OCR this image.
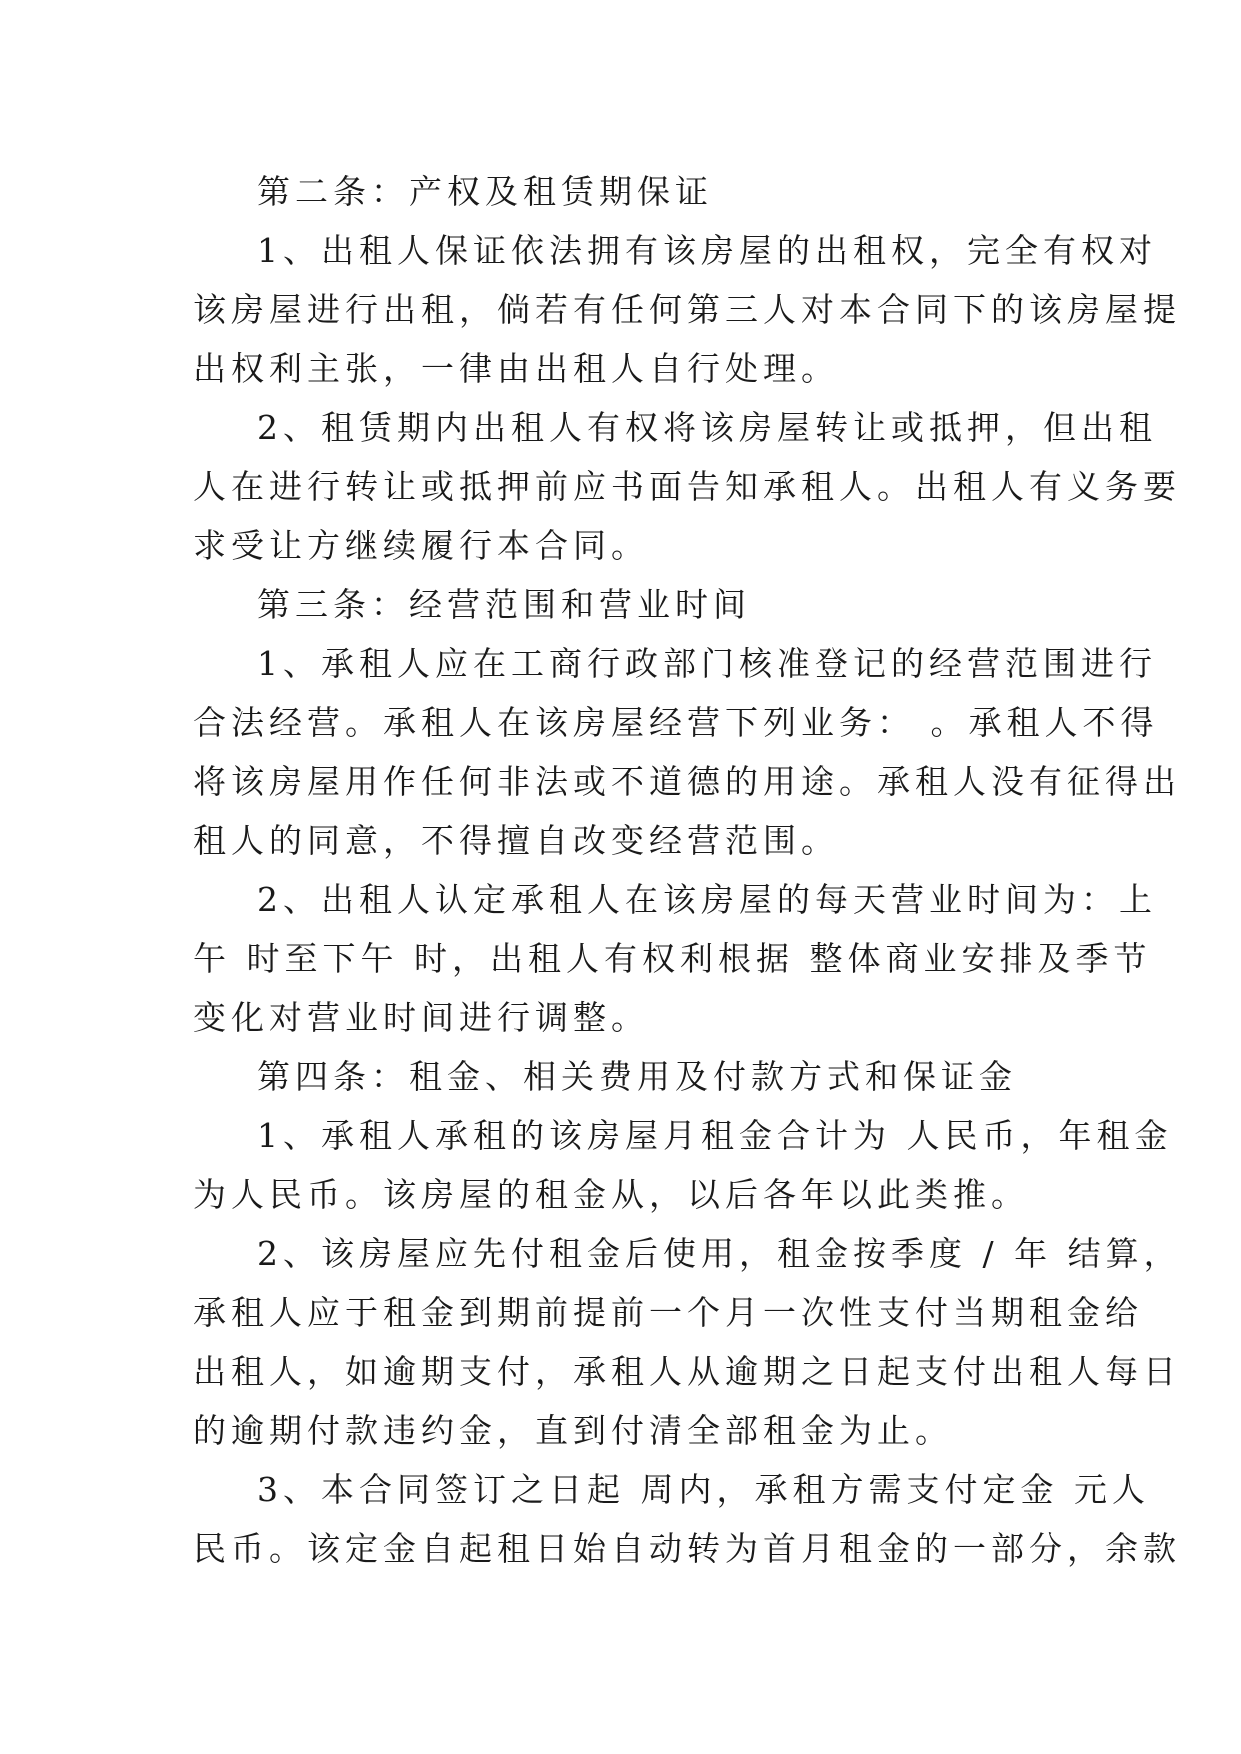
第二条：产权及租赁期保证
1、出租人保证依法拥有该房屋的出租权，完全有权对
该房屋进行出租，倘若有任何第三人对本合同下的该房屋提
出权利主张，一律由出租人自行处理。
2、租赁期内出租人有权将该房屋转让或抵押，但出租
人在进行转让或抵押前应书面告知承租人。出租人有义务要
求受让方继续履行本合同。
第三条：经营范围和营业时间
1、承租人应在工商行政部门核准登记的经营范围进行
合法经营。承租人在该房屋经营下列业务： 。承租人不得
将该房屋用作任何非法或不道德的用途。承租人没有征得出
租人的同意，不得擅自改变经营范围。
2、出租人认定承租人在该房屋的每天营业时间为：上
午 时至下午 时，出租人有权利根据 整体商业安排及季节
变化对营业时间进行调整。
第四条：租金、相关费用及付款方式和保证金
1、承租人承租的该房屋月租金合计为 人民币，年租金
为人民币。该房屋的租金从，以后各年以此类推。
2、该房屋应先付租金后使用，租金按季度 / 年 结算，
承租人应于租金到期前提前一个月一次性支付当期租金给
出租人，如逾期支付，承租人从逾期之日起支付出租人每日
的逾期付款违约金，直到付清全部租金为止。
3、本合同签订之日起 周内，承租方需支付定金 元人
民币。该定金自起租日始自动转为首月租金的一部分，余款
